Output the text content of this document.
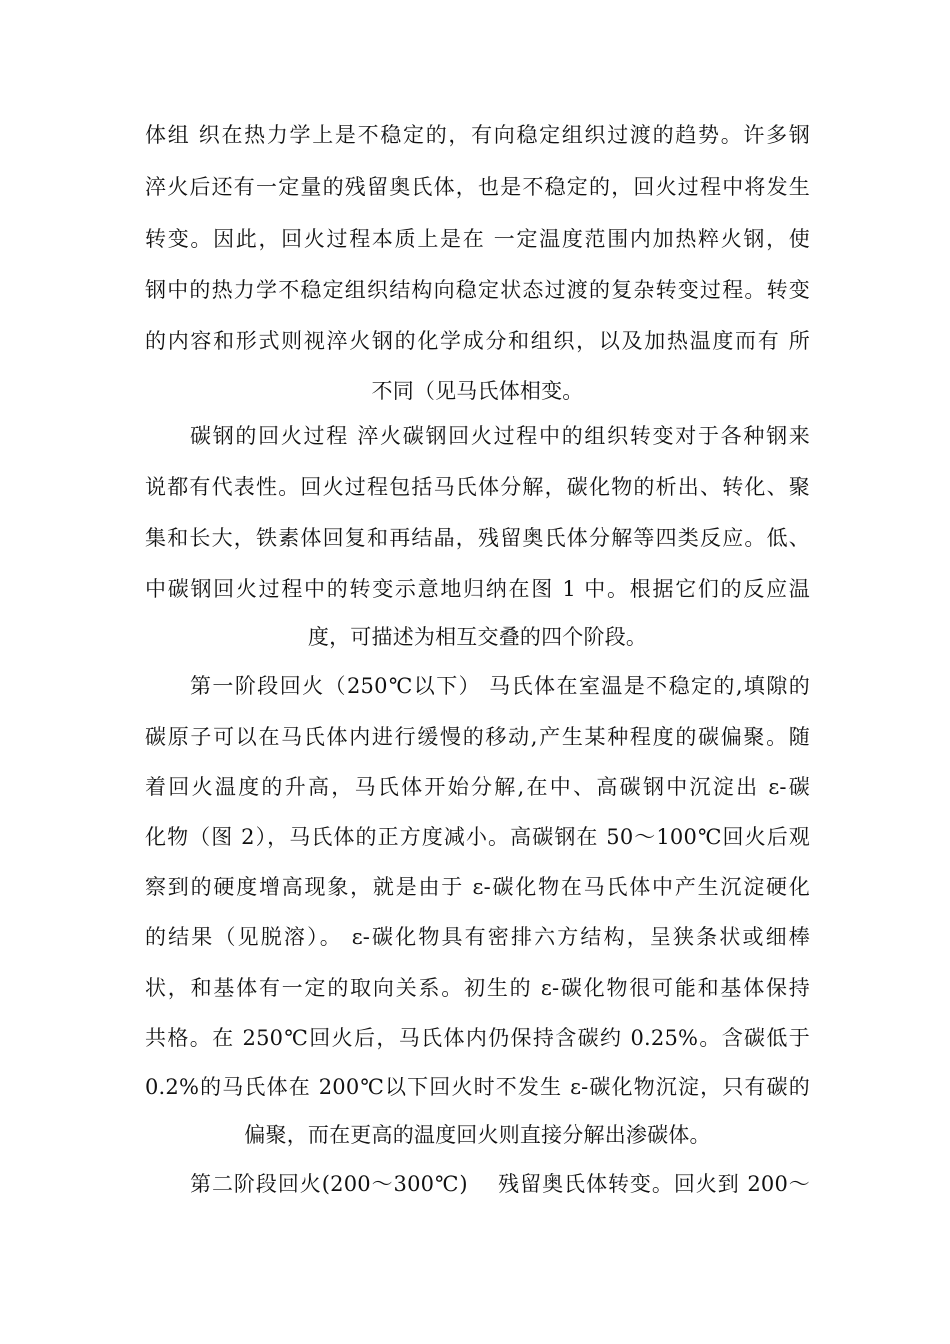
体组 织在热力学上是不稳定的，有向稳定组织过渡的趋势。许多钢
淬火后还有一定量的残留奥氏体，也是不稳定的，回火过程中将发生
转变。因此，回火过程本质上是在 一定温度范围内加热粹火钢，使
钢中的热力学不稳定组织结构向稳定状态过渡的复杂转变过程。转变
的内容和形式则视淬火钢的化学成分和组织，以及加热温度而有 所
不同（见马氏体相变。
碳钢的回火过程 淬火碳钢回火过程中的组织转变对于各种钢来
说都有代表性。回火过程包括马氏体分解，碳化物的析出、转化、聚
集和长大，铁素体回复和再结晶，残留奥氏体分解等四类反应。低、
中碳钢回火过程中的转变示意地归纳在图 1 中。根据它们的反应温
度，可描述为相互交叠的四个阶段。
第一阶段回火（250℃以下） 马氏体在室温是不稳定的,填隙的
碳原子可以在马氏体内进行缓慢的移动,产生某种程度的碳偏聚。随
着回火温度的升高，马氏体开始分解,在中、高碳钢中沉淀出 ε-碳
化物（图 2），马氏体的正方度减小。高碳钢在 50～100℃回火后观
察到的硬度增高现象，就是由于 ε-碳化物在马氏体中产生沉淀硬化
的结果（见脱溶）。 ε-碳化物具有密排六方结构，呈狭条状或细棒
状，和基体有一定的取向关系。初生的 ε-碳化物很可能和基体保持
共格。在 250℃回火后，马氏体内仍保持含碳约 0.25%。含碳低于
0.2%的马氏体在 200℃以下回火时不发生 ε-碳化物沉淀，只有碳的
偏聚，而在更高的温度回火则直接分解出渗碳体。
第二阶段回火(200～300℃)　 残留奥氏体转变。回火到 200～
